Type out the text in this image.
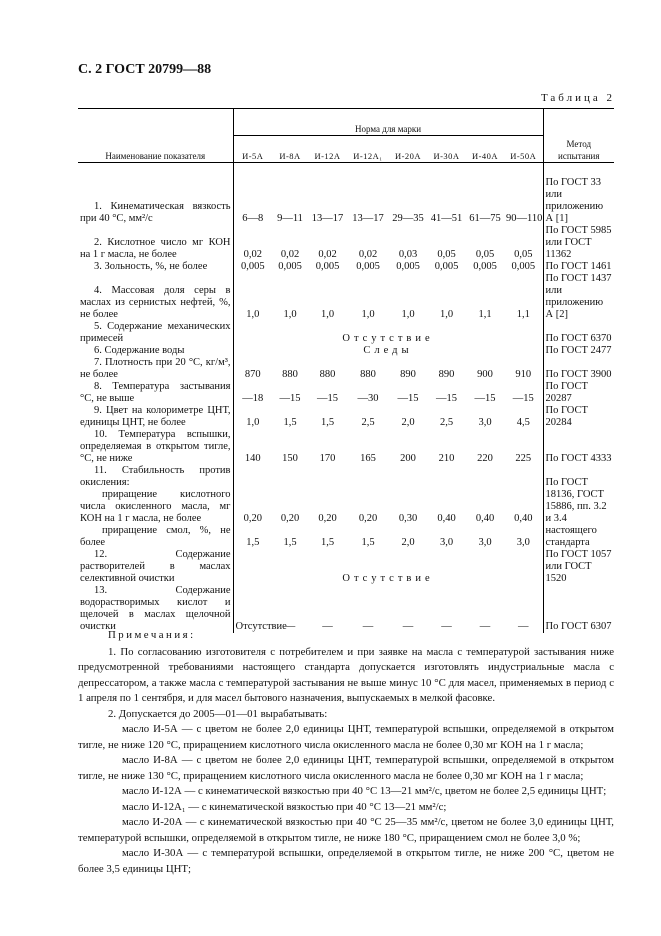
С. 2 ГОСТ 20799—88
Таблица 2
Наименование показателя	Норма для марки								Метод испытания
	И-5А	И-8А	И-12А	И-12А₁	И-20А	И-30А	И-40А	И-50А	

1. Кинематическая вязкость при 40 °С, мм²/с	6—8	9—11	13—17	13—17	29—35	41—51	61—75	90—110	По ГОСТ 33 или приложению А [1]
2. Кислотное число мг КОН на 1 г масла, не более	0,02	0,02	0,02	0,02	0,03	0,05	0,05	0,05	По ГОСТ 5985 или ГОСТ 11362
3. Зольность, %, не более	0,005	0,005	0,005	0,005	0,005	0,005	0,005	0,005	По ГОСТ 1461
4. Массовая доля серы в маслах из сернистых нефтей, %, не более	1,0	1,0	1,0	1,0	1,0	1,0	1,1	1,1	По ГОСТ 1437 или приложению А [2]
5. Содержание механических примесей	Отсутствие								По ГОСТ 6370
6. Содержание воды	Следы								По ГОСТ 2477
7. Плотность при 20 °С, кг/м³, не более	870	880	880	880	890	890	900	910	По ГОСТ 3900
8. Температура застывания °С, не выше	—18	—15	—15	—30	—15	—15	—15	—15	По ГОСТ 20287
9. Цвет на колориметре ЦНТ, единицы ЦНТ, не более	1,0	1,5	1,5	2,5	2,0	2,5	3,0	4,5	По ГОСТ 20284
10. Температура вспышки, определяемая в открытом тигле, °С, не ниже	140	150	170	165	200	210	220	225	По ГОСТ 4333
11. Стабильность против окисления:									По ГОСТ 18136, ГОСТ 15886, пп. 3.2 и 3.4 настоящего стандарта
приращение кислотного числа окисленного масла, мг КОН на 1 г масла, не более	0,20	0,20	0,20	0,20	0,30	0,40	0,40	0,40	
приращение смол, %, не более	1,5	1,5	1,5	1,5	2,0	3,0	3,0	3,0	
12. Содержание растворителей в маслах селективной очистки	Отсутствие								По ГОСТ 1057 или ГОСТ 1520
13. Содержание водорастворимых кислот и щелочей в маслах щелочной очистки	Отсутствие	—	—	—	—	—	—	—	По ГОСТ 6307

Примечания:

1. По согласованию изготовителя с потребителем и при заявке на масла с температурой застывания ниже предусмотренной требованиями настоящего стандарта допускается изготовлять индустриальные масла с депрессатором, а также масла с температурой застывания не выше минус 10 °С для масел, применяемых в период с 1 апреля по 1 сентября, и для масел бытового назначения, выпускаемых в мелкой фасовке.

2. Допускается до 2005—01—01 вырабатывать:

масло И-5А — с цветом не более 2,0 единицы ЦНТ, температурой вспышки, определяемой в открытом тигле, не ниже 120 °С, приращением кислотного числа окисленного масла не более 0,30 мг КОН на 1 г масла;

масло И-8А — с цветом не более 2,0 единицы ЦНТ, температурой вспышки, определяемой в открытом тигле, не ниже 130 °С, приращением кислотного числа окисленного масла не более 0,30 мг КОН на 1 г масла;

масло И-12А — с кинематической вязкостью при 40 °С 13—21 мм²/с, цветом не более 2,5 единицы ЦНТ;

масло И-12А₁ — с кинематической вязкостью при 40 °С 13—21 мм²/с;

масло И-20А — с кинематической вязкостью при 40 °С 25—35 мм²/с, цветом не более 3,0 единицы ЦНТ, температурой вспышки, определяемой в открытом тигле, не ниже 180 °С, приращением смол не более 3,0 %;

масло И-30А — с температурой вспышки, определяемой в открытом тигле, не ниже 200 °С, цветом не более 3,5 единицы ЦНТ;
